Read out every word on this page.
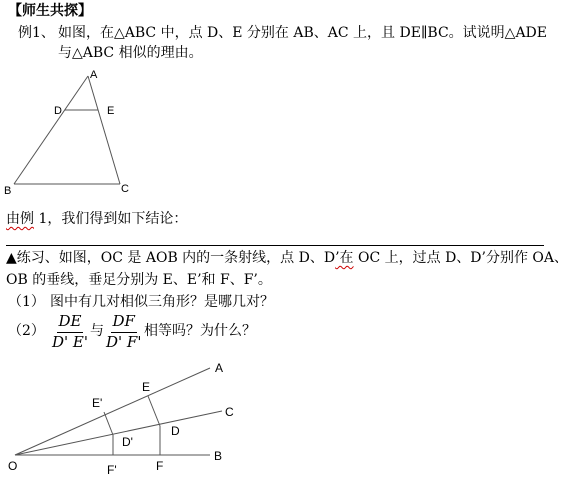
【师生共探】
例1、 如图，在△ABC 中，点 D、E 分别在 AB、AC 上，且 DE∥BC。试说明△ADE
与△ABC 相似的理由。
A
D	E
B	C
由例 1，我们得到如下结论：
▲练习、如图，OC 是 AOB 内的一条射线，点 D、D’在 OC 上，过点 D、D’分别作 OA、
OB 的垂线，垂足分别为 E、E’和 F、F’。
（1） 图中有几对相似三角形？是哪几对？
$(2) \frac{DE}{D' E'}$ 与 $\frac{DF}{D' F'}$ 相等吗？为什么？
O
A
C
B
E
E'
D
D'
F
F'
